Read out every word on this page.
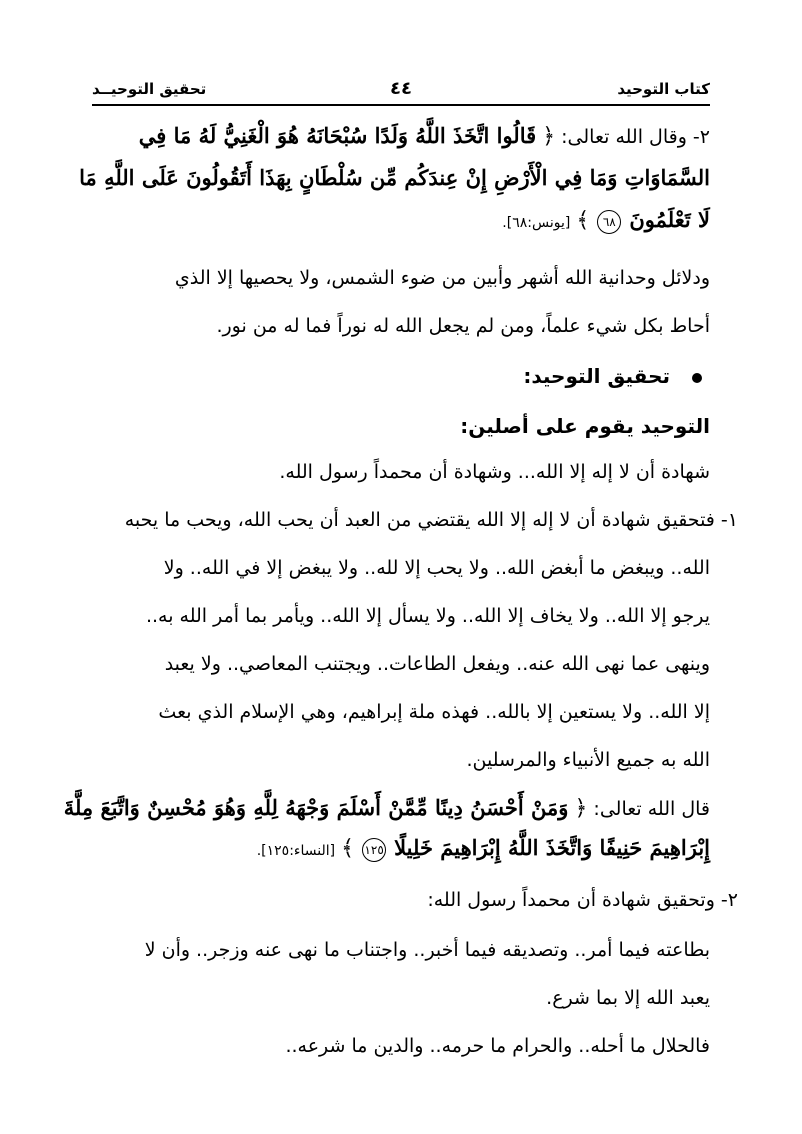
كتاب التوحيد
٤٤
تحقيق التوحيــد
٢- وقال الله تعالى: ﴿ قَالُوا اتَّخَذَ اللَّهُ وَلَدًا سُبْحَانَهُ هُوَ الْغَنِيُّ لَهُ مَا فِي
السَّمَاوَاتِ وَمَا فِي الْأَرْضِ إِنْ عِندَكُم مِّن سُلْطَانٍ بِهَذَا أَتَقُولُونَ عَلَى اللَّهِ مَا
لَا تَعْلَمُونَ ٦٨ ﴾ [يونس:٦٨].
ودلائل وحدانية الله أشهر وأبين من ضوء الشمس، ولا يحصيها إلا الذي
أحاط بكل شيء علماً، ومن لم يجعل الله له نوراً فما له من نور.
تحقيق التوحيد:
التوحيد يقوم على أصلين:
شهادة أن لا إله إلا الله... وشهادة أن محمداً رسول الله.
١- فتحقيق شهادة أن لا إله إلا الله يقتضي من العبد أن يحب الله، ويحب ما يحبه
الله.. ويبغض ما أبغض الله.. ولا يحب إلا لله.. ولا يبغض إلا في الله.. ولا
يرجو إلا الله.. ولا يخاف إلا الله.. ولا يسأل إلا الله.. ويأمر بما أمر الله به..
وينهى عما نهى الله عنه.. ويفعل الطاعات.. ويجتنب المعاصي.. ولا يعبد
إلا الله.. ولا يستعين إلا بالله.. فهذه ملة إبراهيم، وهي الإسلام الذي بعث
الله به جميع الأنبياء والمرسلين.
قال الله تعالى: ﴿ وَمَنْ أَحْسَنُ دِينًا مِّمَّنْ أَسْلَمَ وَجْهَهُ لِلَّهِ وَهُوَ مُحْسِنٌ وَاتَّبَعَ مِلَّةَ
إِبْرَاهِيمَ حَنِيفًا وَاتَّخَذَ اللَّهُ إِبْرَاهِيمَ خَلِيلًا ١٢٥ ﴾ [النساء:١٢٥].
٢- وتحقيق شهادة أن محمداً رسول الله:
بطاعته فيما أمر.. وتصديقه فيما أخبر.. واجتناب ما نهى عنه وزجر.. وأن لا
يعبد الله إلا بما شرع.
فالحلال ما أحله.. والحرام ما حرمه.. والدين ما شرعه..
